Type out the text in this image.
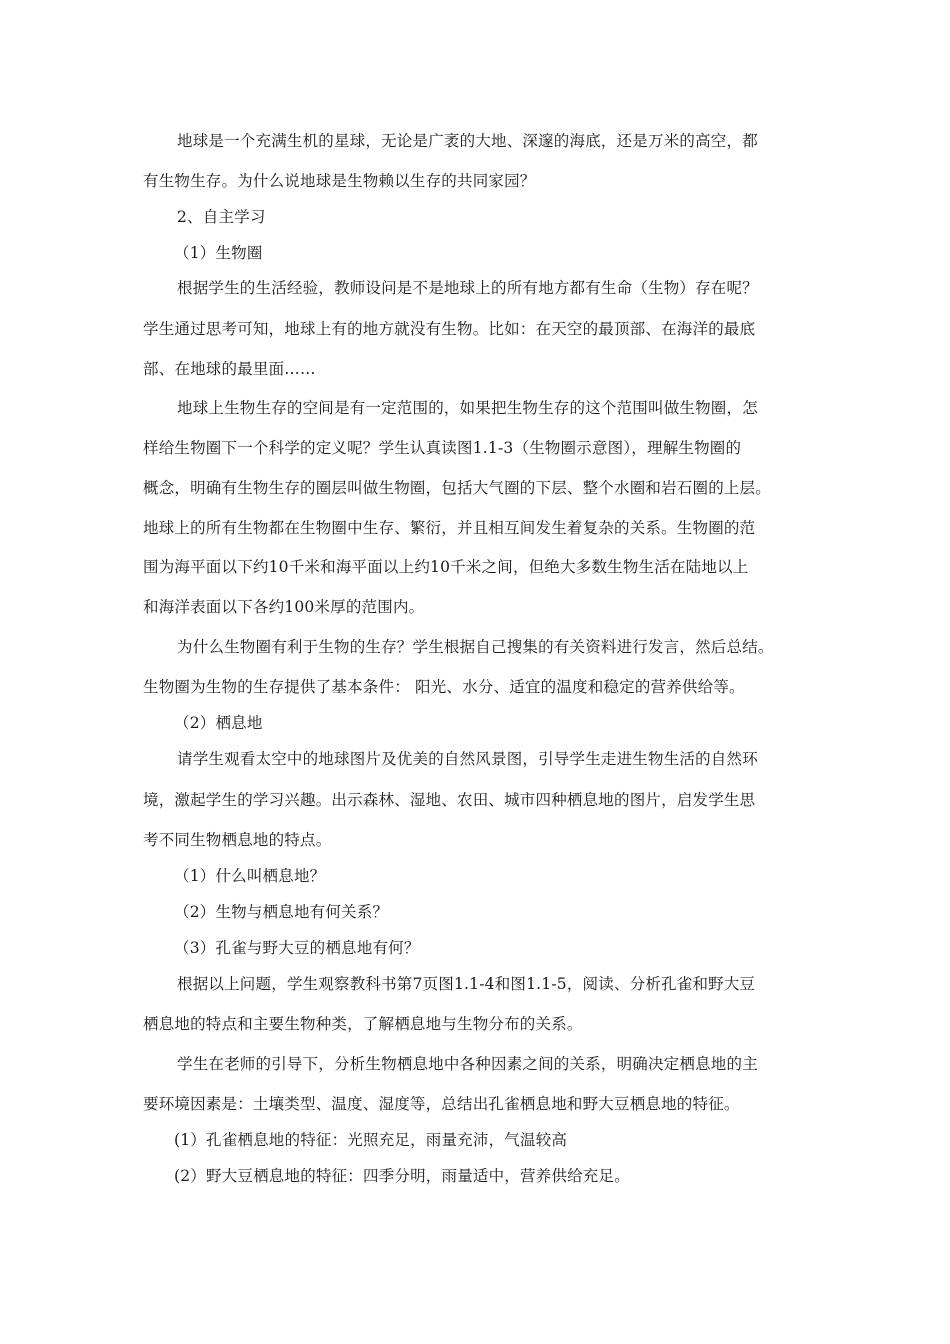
地球是一个充满生机的星球，无论是广袤的大地、深邃的海底，还是万米的高空，都
有生物生存。为什么说地球是生物赖以生存的共同家园？
2、自主学习
（1）生物圈
根据学生的生活经验，教师设问是不是地球上的所有地方都有生命（生物）存在呢？
学生通过思考可知，地球上有的地方就没有生物。比如：在天空的最顶部、在海洋的最底
部、在地球的最里面……
地球上生物生存的空间是有一定范围的，如果把生物生存的这个范围叫做生物圈，怎
样给生物圈下一个科学的定义呢？学生认真读图1.1-3（生物圈示意图），理解生物圈的
概念，明确有生物生存的圈层叫做生物圈，包括大气圈的下层、整个水圈和岩石圈的上层。
地球上的所有生物都在生物圈中生存、繁衍，并且相互间发生着复杂的关系。生物圈的范
围为海平面以下约10千米和海平面以上约10千米之间，但绝大多数生物生活在陆地以上
和海洋表面以下各约100米厚的范围内。
为什么生物圈有利于生物的生存？学生根据自己搜集的有关资料进行发言，然后总结。
生物圈为生物的生存提供了基本条件： 阳光、水分、适宜的温度和稳定的营养供给等。
（2）栖息地
请学生观看太空中的地球图片及优美的自然风景图，引导学生走进生物生活的自然环
境，激起学生的学习兴趣。出示森林、湿地、农田、城市四种栖息地的图片，启发学生思
考不同生物栖息地的特点。
（1）什么叫栖息地？
（2）生物与栖息地有何关系？
（3）孔雀与野大豆的栖息地有何？
根据以上问题，学生观察教科书第7页图1.1-4和图1.1-5，阅读、分析孔雀和野大豆
栖息地的特点和主要生物种类，了解栖息地与生物分布的关系。
学生在老师的引导下，分析生物栖息地中各种因素之间的关系，明确决定栖息地的主
要环境因素是：土壤类型、温度、湿度等，总结出孔雀栖息地和野大豆栖息地的特征。
(1）孔雀栖息地的特征：光照充足，雨量充沛，气温较高
(2）野大豆栖息地的特征：四季分明，雨量适中，营养供给充足。
